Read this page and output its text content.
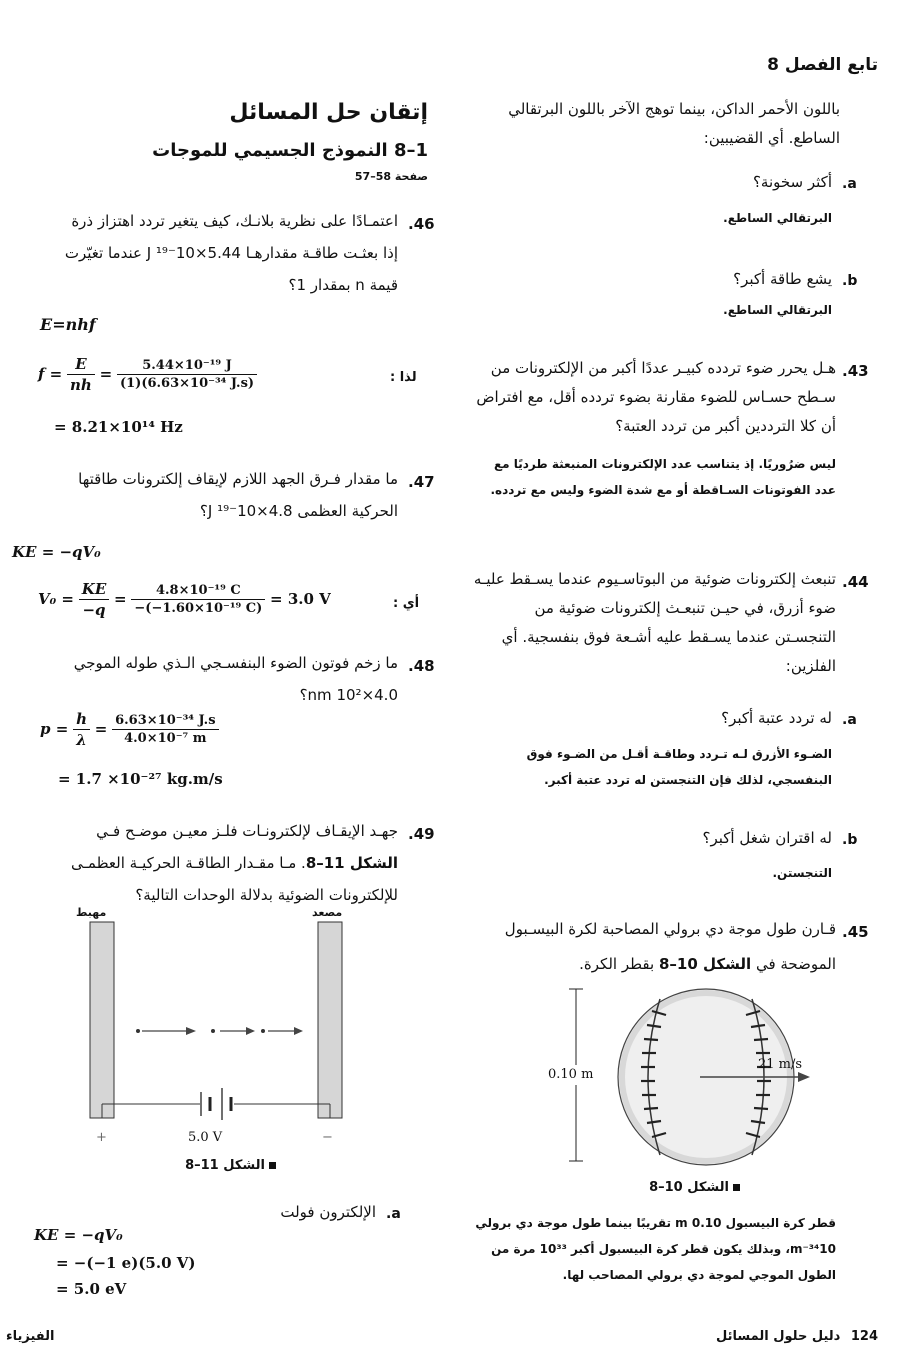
تابع الفصل 8
باللون الأحمر الداكن، بينما توهج الآخر باللون البرتقالي الساطع. أي القضيبين:
.a
أكثر سخونة؟
البرتقالي الساطع.
.b
يشع طاقة أكبر؟
البرتقالي الساطع.
.43
هـل يحرر ضوء تردده كبيـر عددًا أكبر من الإلكترونات من سـطح حسـاس للضوء مقارنة بضوء تردده أقل، مع افتراض أن كلا الترددين أكبر من تردد العتبة؟
ليس ضرُوريًا. إذ يتناسب عدد الإلكترونات المنبعثة طرديًا مع عدد الفوتونات السـاقطة أو مع شدة الضوء وليس مع تردده.
.44
تنبعث إلكترونات ضوئية من البوتاسـيوم عندما يسـقط عليـه ضوء أزرق، في حيـن تنبعـث إلكترونات ضوئية من التنجسـتن عندما يسـقط عليه أشـعة فوق بنفسجية. أي الفلزين:
.a
له تردد عتبة أكبر؟
الضـوء الأزرق لـه تـردد وطاقـة أقـل من الضـوء فوق البنفسجي، لذلك فإن التنجستن له تردد عتبة أكبر.
.b
له اقتران شغل أكبر؟
التنجستن.
.45
قـارن طول موجة دي برولي المصاحبة لكرة البيسـبول
الموضحة في الشكل 10–8 بقطر الكرة.
0.10 m
21 m/s
الشكل 10–8
قطر كرة البيسبول m 0.10 تقريبًا بينما طول موجة دي برولي m⁻³⁴10، وبذلك يكون قطر كرة البيسبول أكبر 10³³ مرة من الطول الموجي لموجة دي برولي المصاحب لها.
إتقان حل المسائل
1–8 النموذج الجسيمي للموجات
صفحة 58–57
.46
اعتمـادًا على نظرية بلانـك، كيف يتغير تردد اهتزاز ذرة
إذا بعثـت طاقـة مقدارهـا 5.44×10⁻¹⁹ J عندما تغيّرت
قيمة n بمقدار 1؟
E=nhf
لذا :
$f = \frac{E}{nh} = \frac{\text{5.44×10⁻¹⁹ J}}{\text{(1)(6.63×10⁻³⁴ J.s)}}$
= 8.21×10¹⁴ Hz
.47
ما مقدار فـرق الجهد اللازم لإيقاف إلكترونات طاقتها
الحركية العظمى 4.8×10⁻¹⁹ J؟
KE = −qV₀
أي :
$V_0 = \frac{KE}{-q} = \frac{\text{4.8×10⁻¹⁹ C}}{\text{−(−1.60×10⁻¹⁹ C)}} = 3.0$ V
.48
ما زخم فوتون الضوء البنفسـجي الـذي طوله الموجي
4.0×10² nm؟
$p = \frac{h}{\lambda} = \frac{\text{6.63×10⁻³⁴ J.s}}{\text{4.0×10⁻⁷ m}}$
= 1.7 ×10⁻²⁷ kg.m/s
.49
جهـد الإيقـاف لإلكترونـات فلـز معيـن موضـح فـي
الشكل 11–8. مـا مقـدار الطاقـة الحركيـة العظمـى
للإلكترونات الضوئية بدلالة الوحدات التالية؟
مهبط	مصعد
+	5.0 V	−
الشكل 11–8
.a
الإلكترون فولت
KE = −qV₀
= −(−1 e)(5.0 V)
= 5.0 eV
124 دليل حلول المسائل
الفيزياء
